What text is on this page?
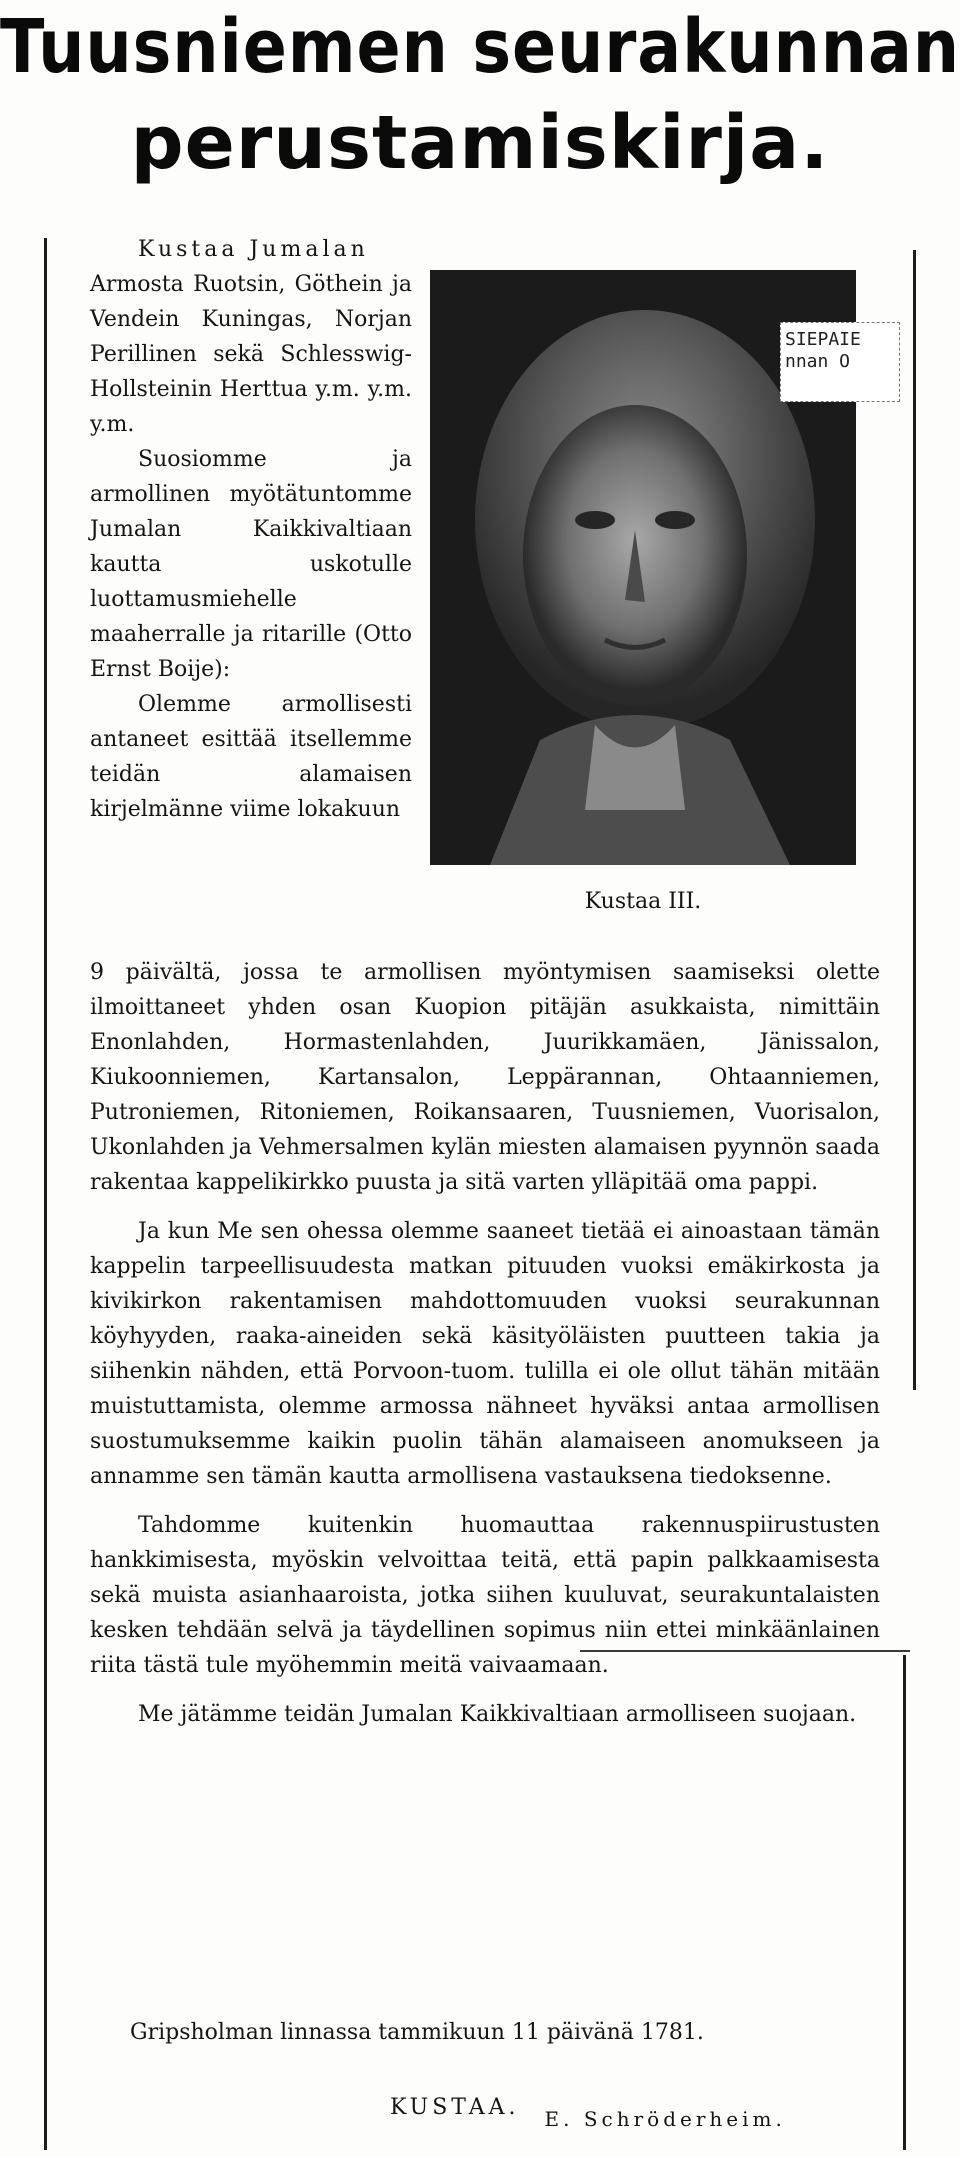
Tuusniemen seurakunnan
perustamiskirja.
SIEPAIE
nnan O
Kustaa III.

Kustaa Jumalan

Armosta Ruotsin, Göthein ja Vendein Kuningas, Norjan Perillinen sekä Schlesswig-Hollsteinin Herttua y.m. y.m. y.m.

Suosiomme ja armollinen myötätuntomme Jumalan Kaikkivaltiaan kautta uskotulle luottamusmiehelle maaherralle ja ritarille (Otto Ernst Boije):

Olemme armollisesti antaneet esittää itsellemme teidän alamaisen kirjelmänne viime lokakuun

9 päivältä, jossa te armollisen myöntymisen saamiseksi olette ilmoittaneet yhden osan Kuopion pitäjän asukkaista, nimittäin Enonlahden, Hormastenlahden, Juurikkamäen, Jänissalon, Kiukoonniemen, Kartansalon, Leppärannan, Ohtaanniemen, Putroniemen, Ritoniemen, Roikansaaren, Tuusniemen, Vuorisalon, Ukonlahden ja Vehmersalmen kylän miesten alamaisen pyynnön saada rakentaa kappelikirkko puusta ja sitä varten ylläpitää oma pappi.

Ja kun Me sen ohessa olemme saaneet tietää ei ainoastaan tämän kappelin tarpeellisuudesta matkan pituuden vuoksi emäkirkosta ja kivikirkon rakentamisen mahdottomuuden vuoksi seurakunnan köyhyyden, raaka-aineiden sekä käsityöläisten puutteen takia ja siihenkin nähden, että Porvoon-tuom. tulilla ei ole ollut tähän mitään muistuttamista, olemme armossa nähneet hyväksi antaa armollisen suostumuksemme kaikin puolin tähän alamaiseen anomukseen ja annamme sen tämän kautta armollisena vastauksena tiedoksenne.

Tahdomme kuitenkin huomauttaa rakennuspiirustusten hankkimisesta, myöskin velvoittaa teitä, että papin palkkaamisesta sekä muista asianhaaroista, jotka siihen kuuluvat, seurakuntalaisten kesken tehdään selvä ja täydellinen sopimus niin ettei minkäänlainen riita tästä tule myöhemmin meitä vaivaamaan.

Me jätämme teidän Jumalan Kaikkivaltiaan armolliseen suojaan.

Gripsholman linnassa tammikuun 11 päivänä 1781.
KUSTAA. E. Schröderheim.
